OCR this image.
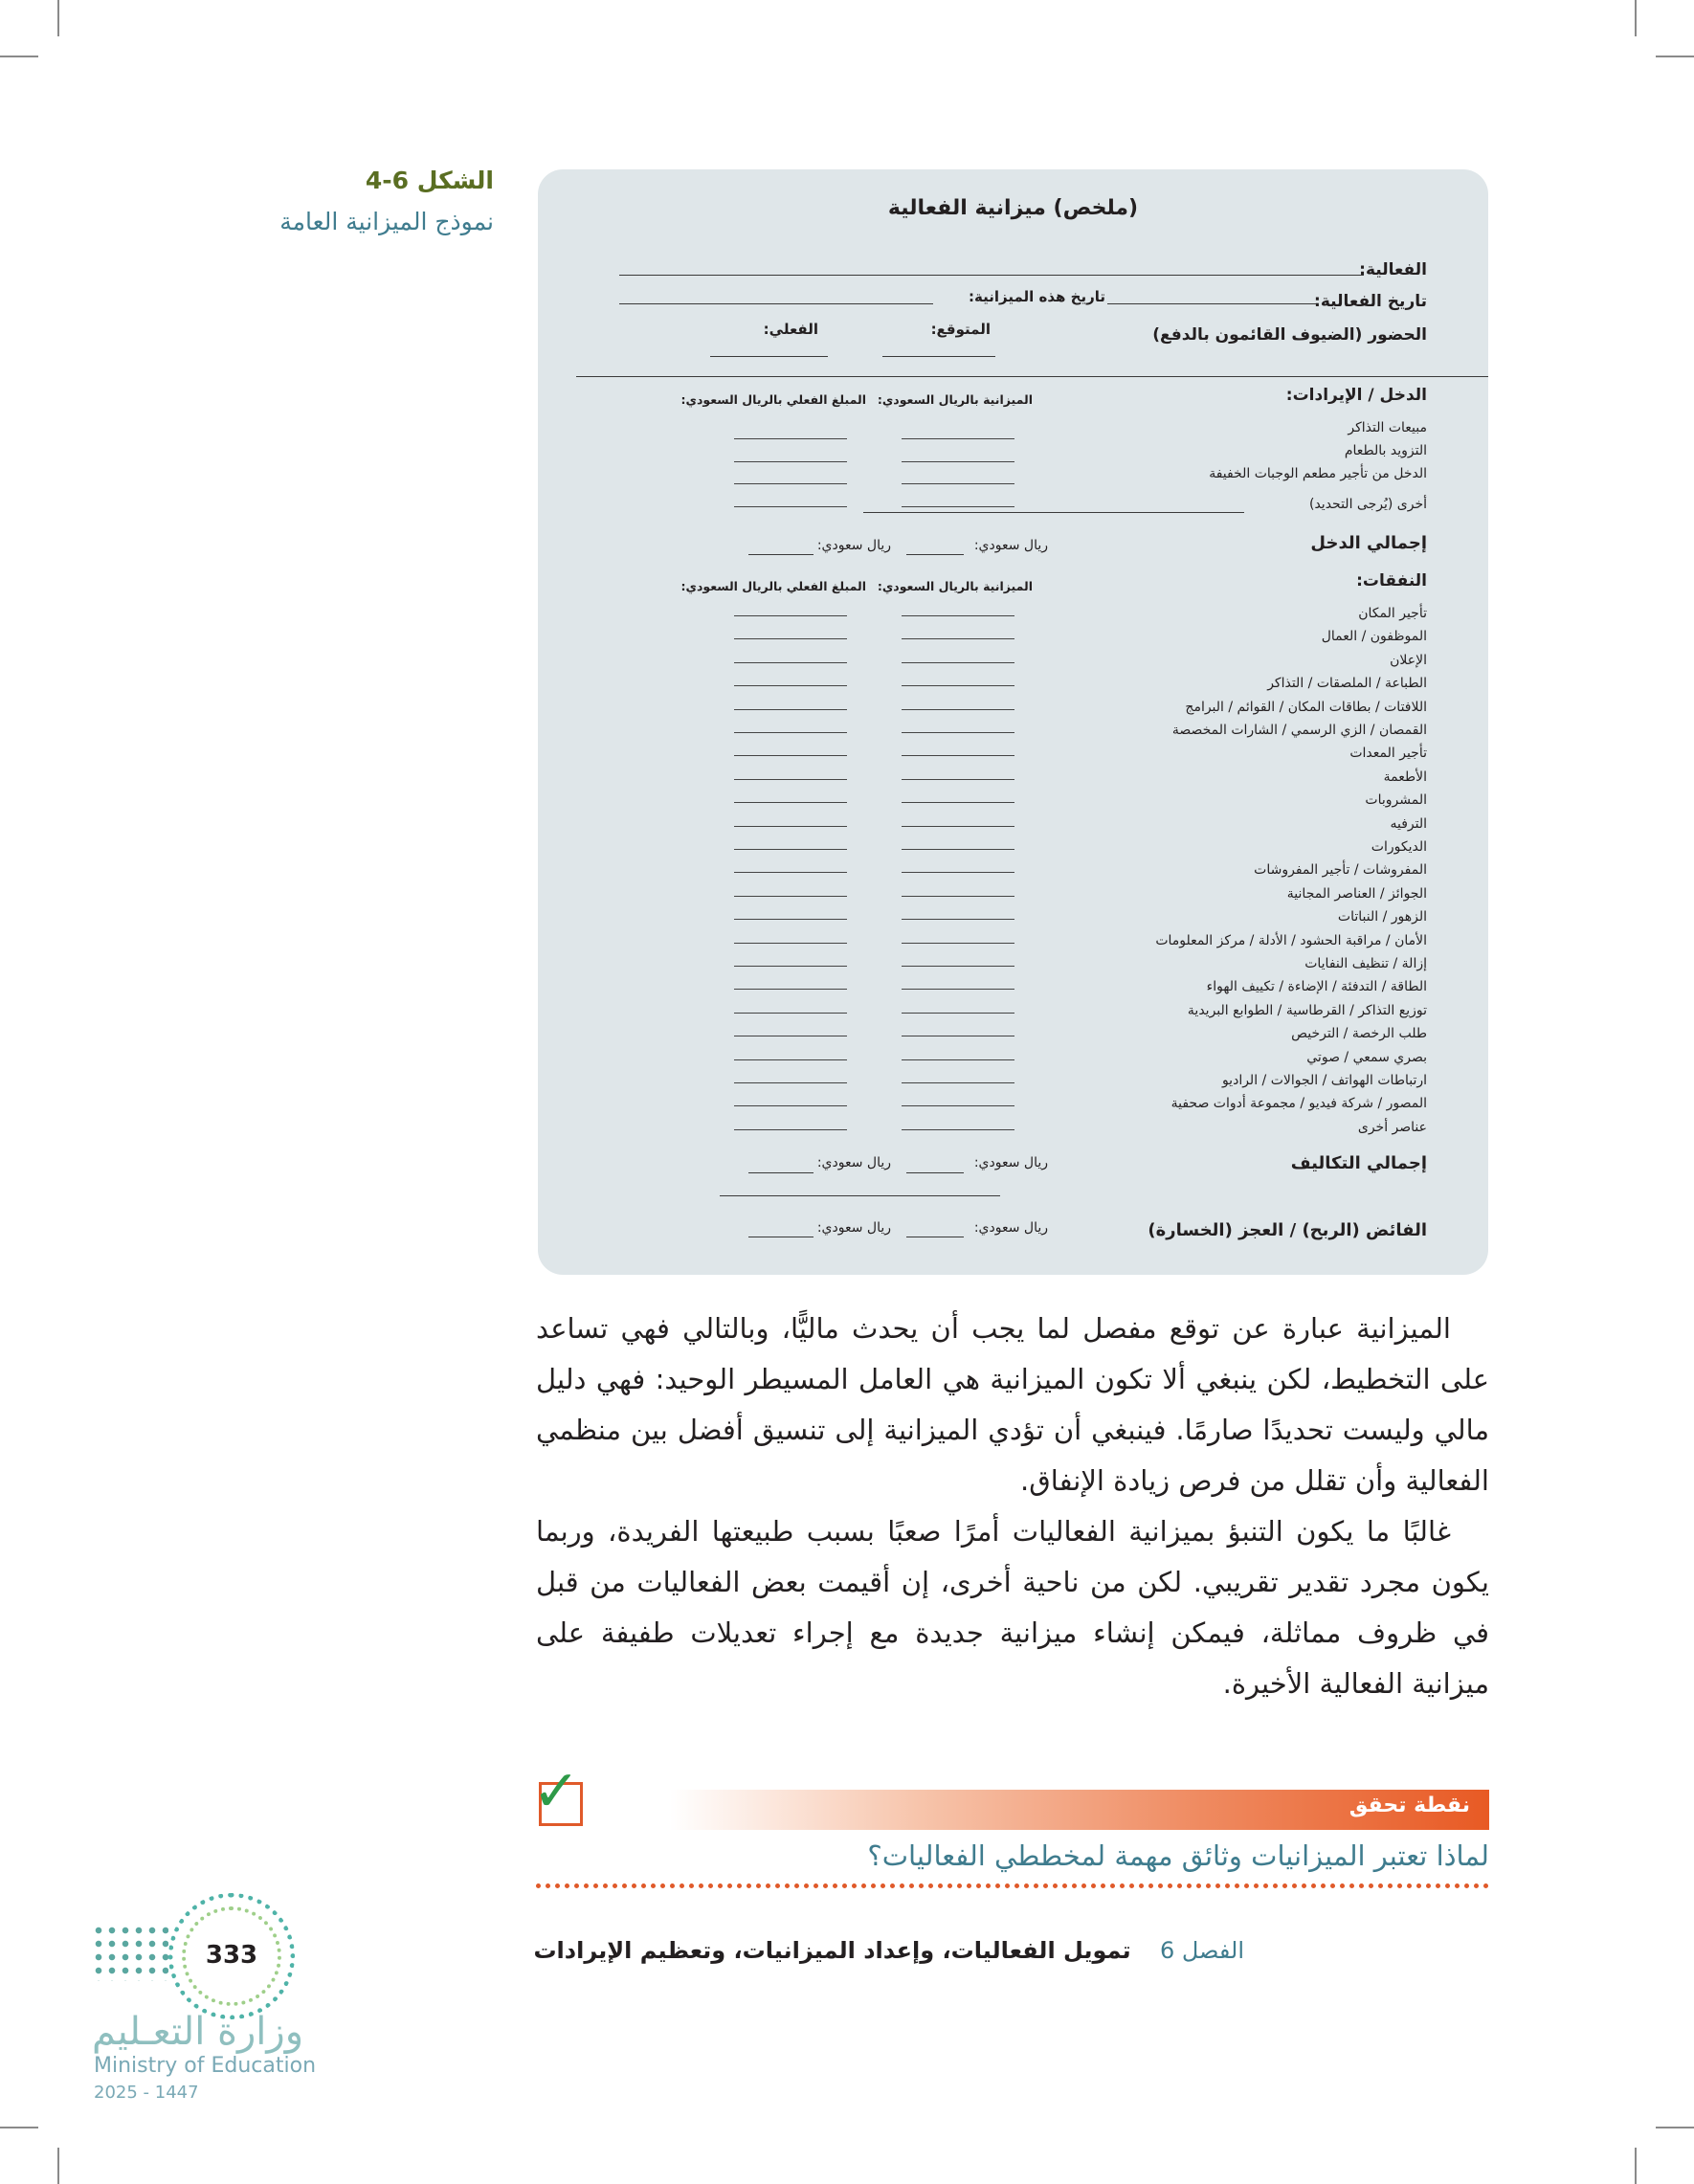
الشكل 6-4
نموذج الميزانية العامة	(ملخص) ميزانية الفعالية
الفعالية:
تاريخ الفعالية:
تاريخ هذه الميزانية:
الحضور (الضيوف القائمون بالدفع)
المتوقع:
الفعلي:
الدخل / الإيرادات:
الميزانية بالريال السعودي:
المبلغ الفعلي بالريال السعودي:
مبيعات التذاكر
التزويد بالطعام
الدخل من تأجير مطعم الوجبات الخفيفة
أخرى (يُرجى التحديد)
إجمالي الدخل
ريال سعودي:
ريال سعودي:
النفقات:
الميزانية بالريال السعودي:
المبلغ الفعلي بالريال السعودي:
تأجير المكان
الموظفون / العمال
الإعلان
الطباعة / الملصقات / التذاكر
اللافتات / بطاقات المكان / القوائم / البرامج
القمصان / الزي الرسمي / الشارات المخصصة
تأجير المعدات
الأطعمة
المشروبات
الترفيه
الديكورات
المفروشات / تأجير المفروشات
الجوائز / العناصر المجانية
الزهور / النباتات
الأمان / مراقبة الحشود / الأدلة / مركز المعلومات
إزالة / تنظيف النفايات
الطاقة / التدفئة / الإضاءة / تكييف الهواء
توزيع التذاكر / القرطاسية / الطوابع البريدية
طلب الرخصة / الترخيص
بصري سمعي / صوتي
ارتباطات الهواتف / الجوالات / الراديو
المصور / شركة فيديو / مجموعة أدوات صحفية
عناصر أخرى
إجمالي التكاليف
ريال سعودي:
ريال سعودي:
الفائض (الربح) / العجز (الخسارة)
ريال سعودي:
ريال سعودي:

الميزانية عبارة عن توقع مفصل لما يجب أن يحدث ماليًّا، وبالتالي فهي تساعد على التخطيط، لكن ينبغي ألا تكون الميزانية هي العامل المسيطر الوحيد: فهي دليل مالي وليست تحديدًا صارمًا. فينبغي أن تؤدي الميزانية إلى تنسيق أفضل بين منظمي الفعالية وأن تقلل من فرص زيادة الإنفاق.

غالبًا ما يكون التنبؤ بميزانية الفعاليات أمرًا صعبًا بسبب طبيعتها الفريدة، وربما يكون مجرد تقدير تقريبي. لكن من ناحية أخرى، إن أقيمت بعض الفعاليات من قبل في ظروف مماثلة، فيمكن إنشاء ميزانية جديدة مع إجراء تعديلات طفيفة على ميزانية الفعالية الأخيرة.

✓	نقطة تحقق
لماذا تعتبر الميزانيات وثائق مهمة لمخططي الفعاليات؟
الفصل 6 تمويل الفعاليات، وإعداد الميزانيات، وتعظيم الإيرادات
333
وزارة التعـليم
Ministry of Education
2025 - 1447
